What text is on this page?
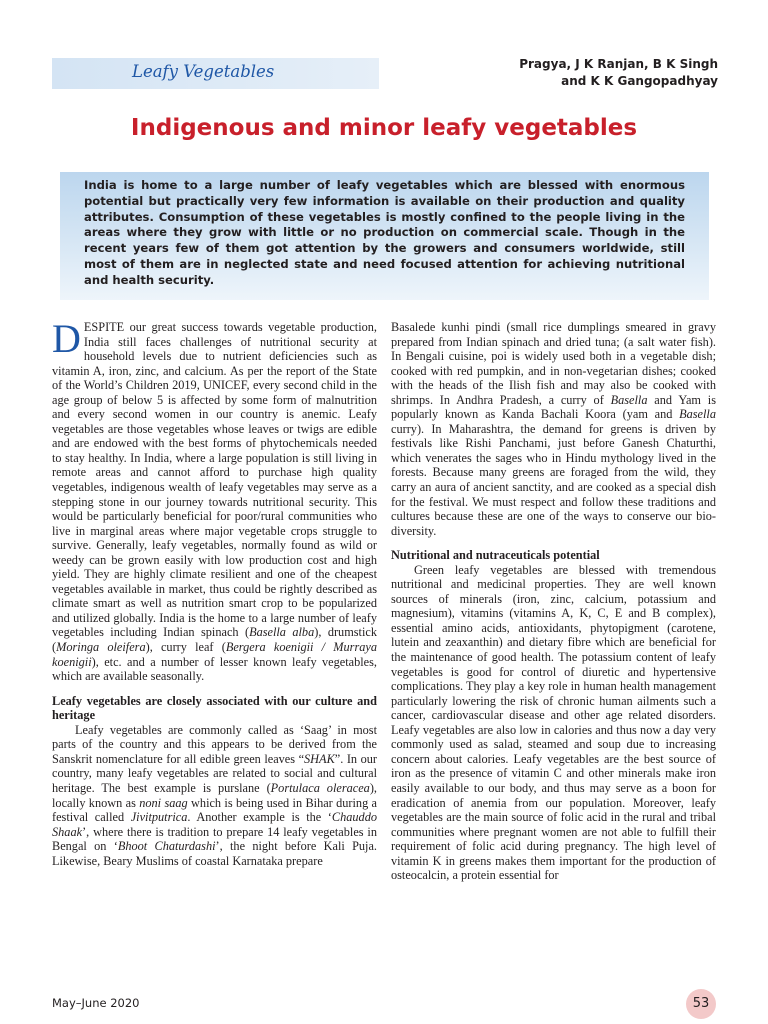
Leafy Vegetables	Pragya, J K Ranjan, B K Singh
and K K Gangopadhyay
Indigenous and minor leafy vegetables

India is home to a large number of leafy vegetables which are blessed with enormous potential but practically very few information is available on their production and quality attributes. Consumption of these vegetables is mostly confined to the people living in the areas where they grow with little or no production on commercial scale. Though in the recent years few of them got attention by the growers and consumers worldwide, still most of them are in neglected state and need focused attention for achieving nutritional and health security.

DESPITE our great success towards vegetable production, India still faces challenges of nutritional security at household levels due to nutrient deficiencies such as vitamin A, iron, zinc, and calcium. As per the report of the State of the World’s Children 2019, UNICEF, every second child in the age group of below 5 is affected by some form of malnutrition and every second women in our country is anemic. Leafy vegetables are those vegetables whose leaves or twigs are edible and are endowed with the best forms of phytochemicals needed to stay healthy. In India, where a large population is still living in remote areas and cannot afford to purchase high quality vegetables, indigenous wealth of leafy vegetables may serve as a stepping stone in our journey towards nutritional security. This would be particularly beneficial for poor/rural communities who live in marginal areas where major vegetable crops struggle to survive. Generally, leafy vegetables, normally found as wild or weedy can be grown easily with low production cost and high yield. They are highly climate resilient and one of the cheapest vegetables available in market, thus could be rightly described as climate smart as well as nutrition smart crop to be popularized and utilized globally. India is the home to a large number of leafy vegetables including Indian spinach (Basella alba), drumstick (Moringa oleifera), curry leaf (Bergera koenigii / Murraya koenigii), etc. and a number of lesser known leafy vegetables, which are available seasonally.

Leafy vegetables are closely associated with our culture and heritage

Leafy vegetables are commonly called as ‘Saag’ in most parts of the country and this appears to be derived from the Sanskrit nomenclature for all edible green leaves “SHAK”. In our country, many leafy vegetables are related to social and cultural heritage. The best example is purslane (Portulaca oleracea), locally known as noni saag which is being used in Bihar during a festival called Jivitputrica. Another example is the ‘Chauddo Shaak’, where there is tradition to prepare 14 leafy vegetables in Bengal on ‘Bhoot Chaturdashi’, the night before Kali Puja. Likewise, Beary Muslims of coastal Karnataka prepare

Basalede kunhi pindi (small rice dumplings smeared in gravy prepared from Indian spinach and dried tuna; (a salt water fish). In Bengali cuisine, poi is widely used both in a vegetable dish; cooked with red pumpkin, and in non-vegetarian dishes; cooked with the heads of the Ilish fish and may also be cooked with shrimps. In Andhra Pradesh, a curry of Basella and Yam is popularly known as Kanda Bachali Koora (yam and Basella curry). In Maharashtra, the demand for greens is driven by festivals like Rishi Panchami, just before Ganesh Chaturthi, which venerates the sages who in Hindu mythology lived in the forests. Because many greens are foraged from the wild, they carry an aura of ancient sanctity, and are cooked as a special dish for the festival. We must respect and follow these traditions and cultures because these are one of the ways to conserve our bio-diversity.

Nutritional and nutraceuticals potential

Green leafy vegetables are blessed with tremendous nutritional and medicinal properties. They are well known sources of minerals (iron, zinc, calcium, potassium and magnesium), vitamins (vitamins A, K, C, E and B complex), essential amino acids, antioxidants, phytopigment (carotene, lutein and zeaxanthin) and dietary fibre which are beneficial for the maintenance of good health. The potassium content of leafy vegetables is good for control of diuretic and hypertensive complications. They play a key role in human health management particularly lowering the risk of chronic human ailments such a cancer, cardiovascular disease and other age related disorders. Leafy vegetables are also low in calories and thus now a day very commonly used as salad, steamed and soup due to increasing concern about calories. Leafy vegetables are the best source of iron as the presence of vitamin C and other minerals make iron easily available to our body, and thus may serve as a boon for eradication of anemia from our population. Moreover, leafy vegetables are the main source of folic acid in the rural and tribal communities where pregnant women are not able to fulfill their requirement of folic acid during pregnancy. The high level of vitamin K in greens makes them important for the production of osteocalcin, a protein essential for

May–June 2020	53
